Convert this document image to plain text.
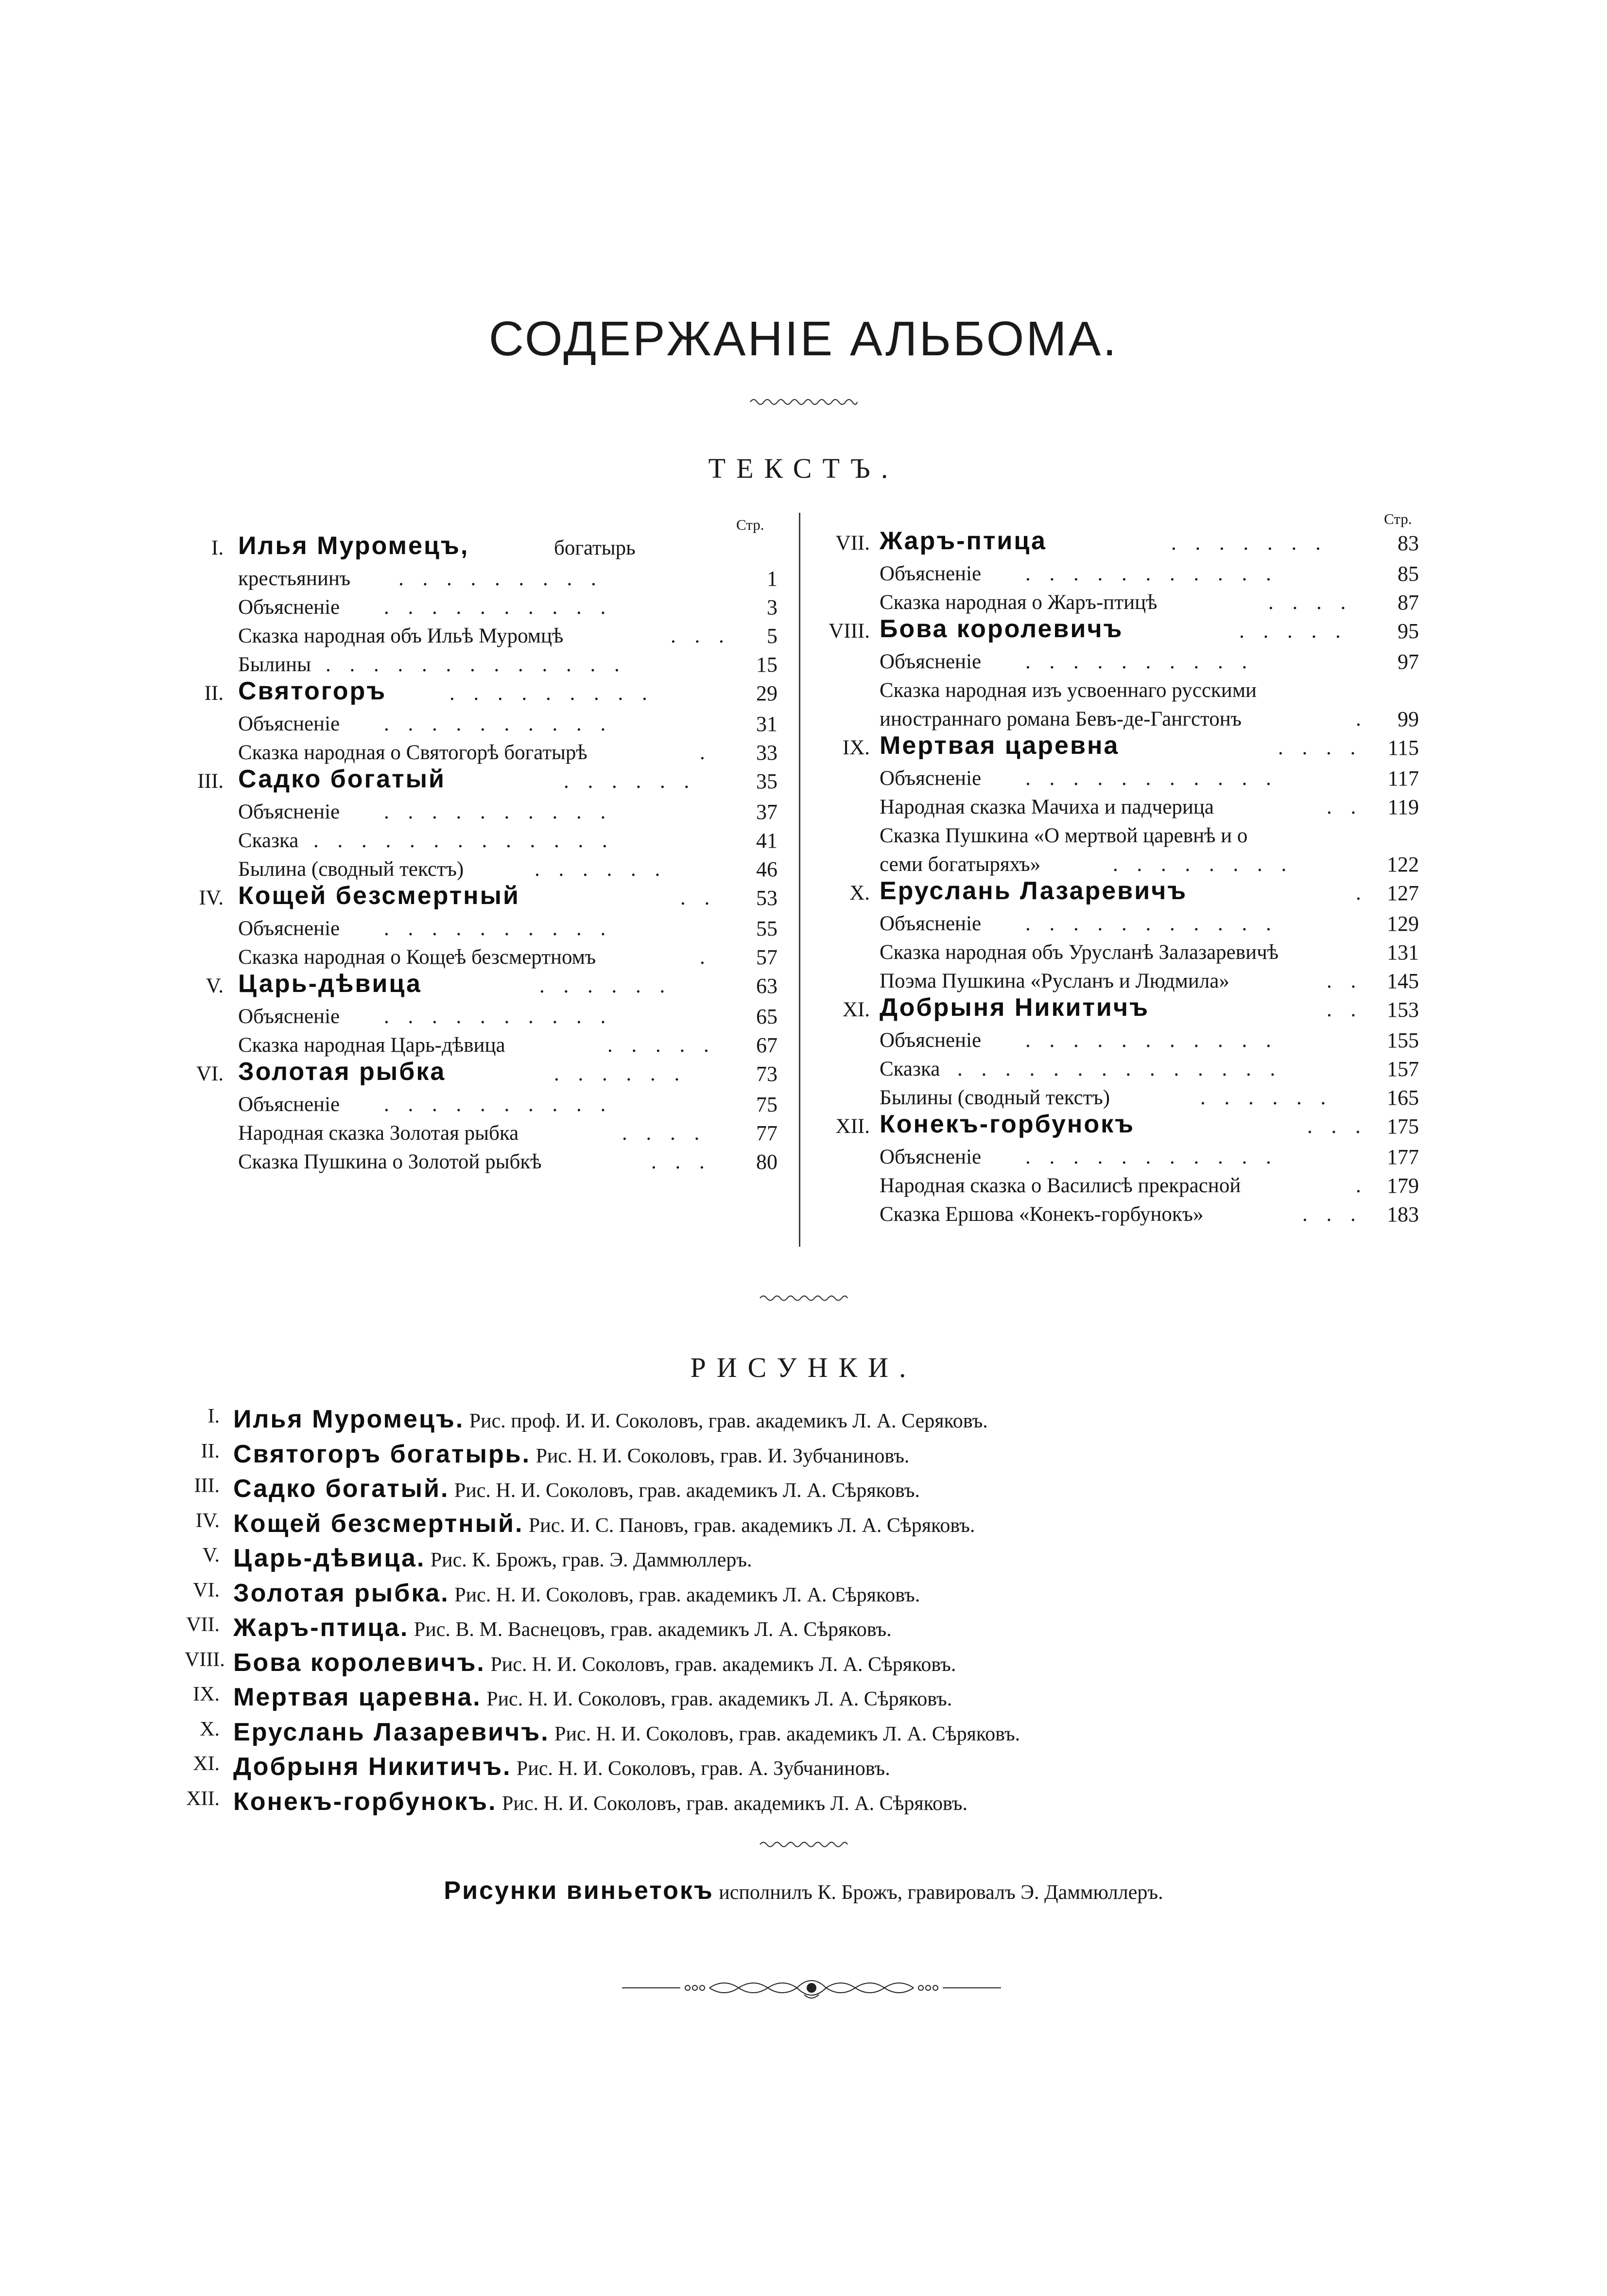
СОДЕРЖАНІЕ АЛЬБОМА.
ТЕКСТЪ.
Стр.	Стр.
I. Илья Муромецъ,	богатырь
крестьянинъ . . . . . . . . .	1
Объясненіе . . . . . . . . . .	3
Сказка народная объ Ильѣ Муромцѣ	. . .	5
Былины . . . . . . . . . . . . .	15
II. Святогоръ	. . . . . . . . .	29
Объясненіе . . . . . . . . . .	31
Сказка народная о Святогорѣ богатырѣ	.	33
III. Садко богатый	. . . . . .	35
Объясненіе . . . . . . . . . .	37
Сказка . . . . . . . . . . . . .	41
Былина (сводный текстъ)	. . . . . .	46
IV. Кощей безсмертный	. .	53
Объясненіе . . . . . . . . . .	55
Сказка народная о Кощеѣ безсмертномъ	.	57
V. Царь-дѣвица	. . . . . .	63
Объясненіе . . . . . . . . . .	65
Сказка народная Царь-дѣвица	. . . . .	67
VI. Золотая рыбка	. . . . . .	73
Объясненіе . . . . . . . . . .	75
Народная сказка Золотая рыбка	. . . .	77
Сказка Пушкина о Золотой рыбкѣ	. . .	80
VII. Жаръ-птица	. . . . . . .	83
Объясненіе . . . . . . . . . . .	85
Сказка народная о Жаръ-птицѣ	. . . .	87
VIII. Бова королевичъ	. . . . .	95
Объясненіе . . . . . . . . . .	97
Сказка народная изъ усвоеннаго русскими
иностраннаго романа Бевъ-де-Гангстонъ	.	99
IX. Мертвая царевна	. . . .	115
Объясненіе . . . . . . . . . . .	117
Народная сказка Мачиха и падчерица	. .	119
Сказка Пушкина «О мертвой царевнѣ и о
семи богатыряхъ»	. . . . . . . .	122
X. Еруслань Лазаревичъ	. 127
Объясненіе . . . . . . . . . . .	129
Сказка народная объ Урусланѣ Залазаревичѣ	131
Поэма Пушкина «Русланъ и Людмила»	. .	145
XI. Добрыня Никитичъ	. .	153
Объясненіе . . . . . . . . . . .	155
Сказка . . . . . . . . . . . . . .	157
Былины (сводный текстъ)	. . . . . .	165
XII. Конекъ-горбунокъ	. . . 175
Объясненіе . . . . . . . . . . .	177
Народная сказка о Василисѣ прекрасной	. 179
Сказка Ершова «Конекъ-горбунокъ»	. . .	183
РИСУНКИ.
I. Илья Муромецъ. Рис. проф. И. И. Соколовъ, грав. академикъ Л. А. Серяковъ.
II. Святогоръ богатырь. Рис. Н. И. Соколовъ, грав. И. Зубчаниновъ.
III. Садко богатый. Рис. Н. И. Соколовъ, грав. академикъ Л. А. Сѣряковъ.
IV. Кощей безсмертный. Рис. И. С. Пановъ, грав. академикъ Л. А. Сѣряковъ.
V. Царь-дѣвица. Рис. К. Брожъ, грав. Э. Даммюллеръ.
VI. Золотая рыбка. Рис. Н. И. Соколовъ, грав. академикъ Л. А. Сѣряковъ.
VII. Жаръ-птица. Рис. В. М. Васнецовъ, грав. академикъ Л. А. Сѣряковъ.
VIII. Бова королевичъ. Рис. Н. И. Соколовъ, грав. академикъ Л. А. Сѣряковъ.
IX. Мертвая царевна. Рис. Н. И. Соколовъ, грав. академикъ Л. А. Сѣряковъ.
X. Еруслань Лазаревичъ. Рис. Н. И. Соколовъ, грав. академикъ Л. А. Сѣряковъ.
XI. Добрыня Никитичъ. Рис. Н. И. Соколовъ, грав. А. Зубчаниновъ.
XII. Конекъ-горбунокъ. Рис. Н. И. Соколовъ, грав. академикъ Л. А. Сѣряковъ.
Рисунки виньетокъ исполнилъ К. Брожъ, гравировалъ Э. Даммюллеръ.
